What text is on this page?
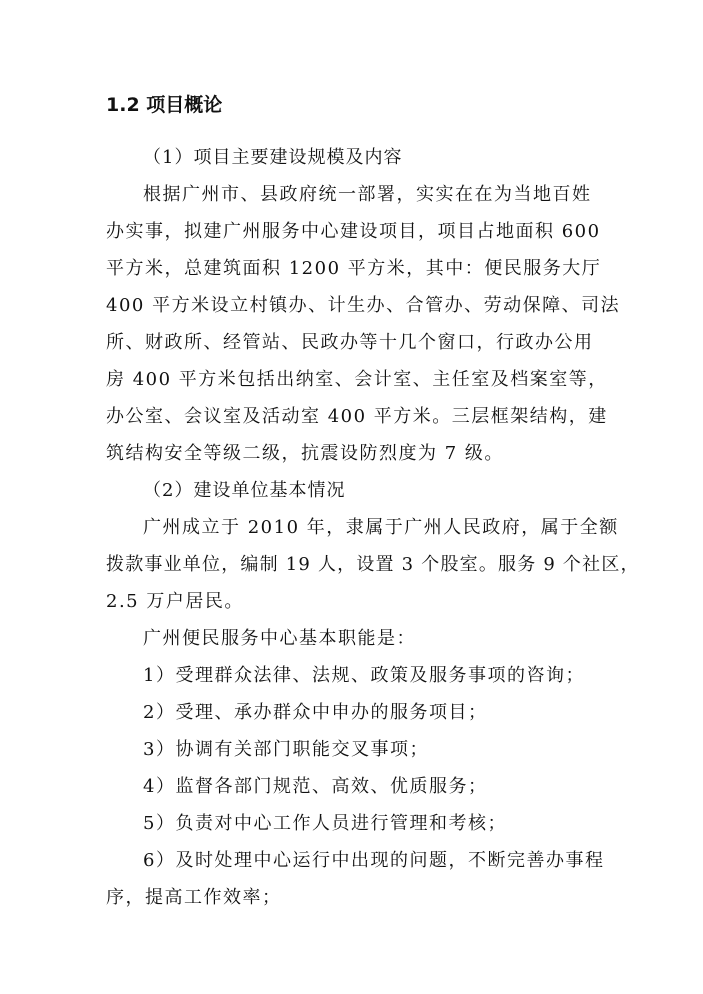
1.2 项目概论
（1）项目主要建设规模及内容
根据广州市、县政府统一部署，实实在在为当地百姓
办实事，拟建广州服务中心建设项目，项目占地面积 600
平方米，总建筑面积 1200 平方米，其中：便民服务大厅
400 平方米设立村镇办、计生办、合管办、劳动保障、司法
所、财政所、经管站、民政办等十几个窗口，行政办公用
房 400 平方米包括出纳室、会计室、主任室及档案室等，
办公室、会议室及活动室 400 平方米。三层框架结构，建
筑结构安全等级二级，抗震设防烈度为 7 级。
（2）建设单位基本情况
广州成立于 2010 年，隶属于广州人民政府，属于全额
拨款事业单位，编制 19 人，设置 3 个股室。服务 9 个社区，
2.5 万户居民。
广州便民服务中心基本职能是：
1）受理群众法律、法规、政策及服务事项的咨询；
2）受理、承办群众中申办的服务项目；
3）协调有关部门职能交叉事项；
4）监督各部门规范、高效、优质服务；
5）负责对中心工作人员进行管理和考核；
6）及时处理中心运行中出现的问题，不断完善办事程
序，提高工作效率；
